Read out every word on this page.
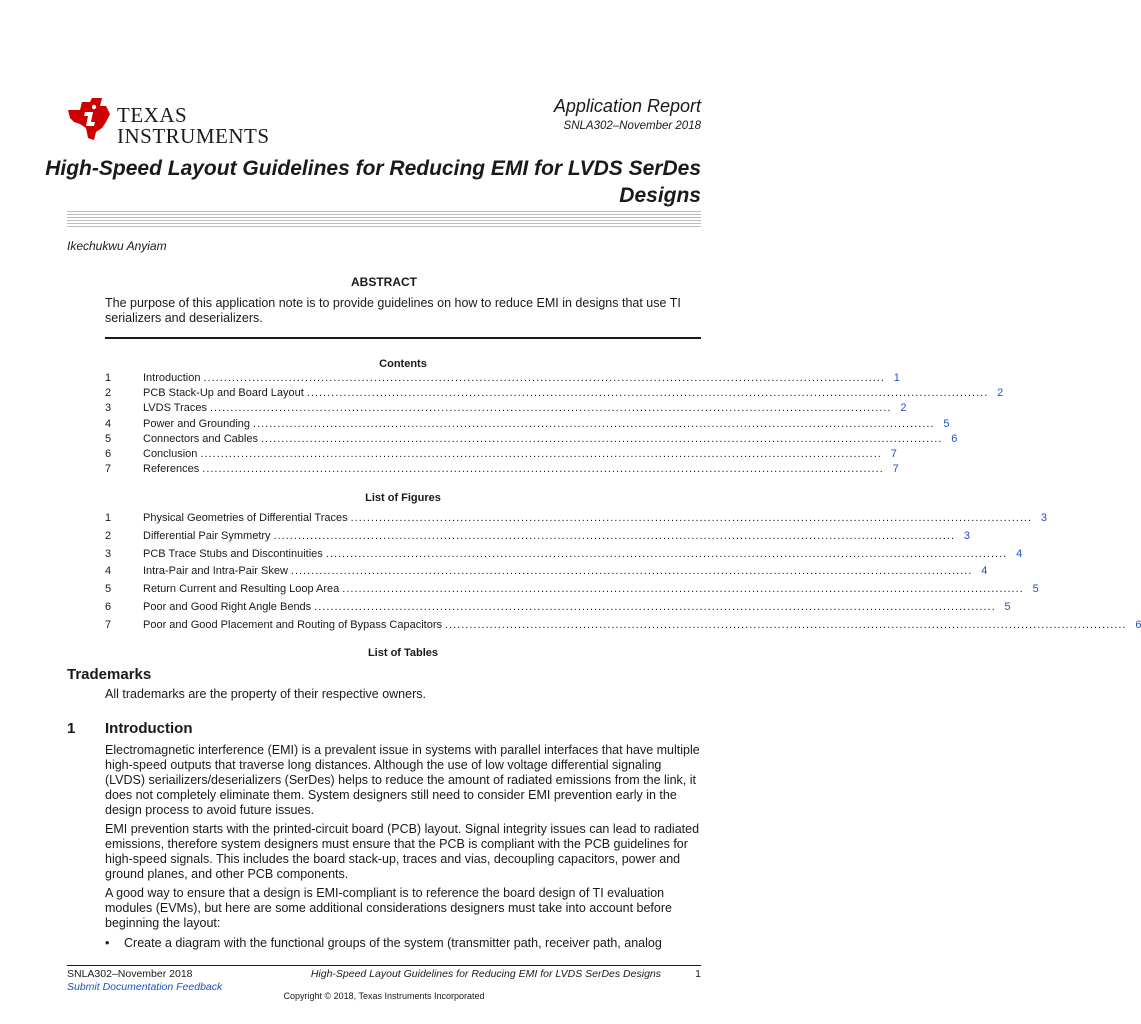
TEXAS
INSTRUMENTS
Application Report
SNLA302–November 2018
High-Speed Layout Guidelines for Reducing EMI for LVDS SerDes Designs
Ikechukwu Anyiam
ABSTRACT
The purpose of this application note is to provide guidelines on how to reduce EMI in designs that use TI serializers and deserializers.
Contents
1	Introduction ........................................................................................................................................................................ 1
2	PCB Stack-Up and Board Layout ........................................................................................................................................................................ 2
3	LVDS Traces ........................................................................................................................................................................ 2
4	Power and Grounding ........................................................................................................................................................................ 5
5	Connectors and Cables ........................................................................................................................................................................ 6
6	Conclusion ........................................................................................................................................................................ 7
7	References ........................................................................................................................................................................ 7
List of Figures
1	Physical Geometries of Differential Traces ........................................................................................................................................................................ 3
2	Differential Pair Symmetry ........................................................................................................................................................................ 3
3	PCB Trace Stubs and Discontinuities ........................................................................................................................................................................ 4
4	Intra-Pair and Intra-Pair Skew ........................................................................................................................................................................ 4
5	Return Current and Resulting Loop Area ........................................................................................................................................................................ 5
6	Poor and Good Right Angle Bends ........................................................................................................................................................................ 5
7	Poor and Good Placement and Routing of Bypass Capacitors ........................................................................................................................................................................ 6
List of Tables
Trademarks
All trademarks are the property of their respective owners.
1 Introduction
Electromagnetic interference (EMI) is a prevalent issue in systems with parallel interfaces that have multiple high-speed outputs that traverse long distances. Although the use of low voltage differential signaling (LVDS) seriailizers/deserializers (SerDes) helps to reduce the amount of radiated emissions from the link, it does not completely eliminate them. System designers still need to consider EMI prevention early in the design process to avoid future issues.
EMI prevention starts with the printed-circuit board (PCB) layout. Signal integrity issues can lead to radiated emissions, therefore system designers must ensure that the PCB is compliant with the PCB guidelines for high-speed signals. This includes the board stack-up, traces and vias, decoupling capacitors, power and ground planes, and other PCB components.
A good way to ensure that a design is EMI-compliant is to reference the board design of TI evaluation modules (EVMs), but here are some additional considerations designers must take into account before beginning the layout:
• Create a diagram with the functional groups of the system (transmitter path, receiver path, analog
SNLA302–November 2018
Submit Documentation Feedback
High-Speed Layout Guidelines for Reducing EMI for LVDS SerDes Designs	1
Copyright © 2018, Texas Instruments Incorporated
